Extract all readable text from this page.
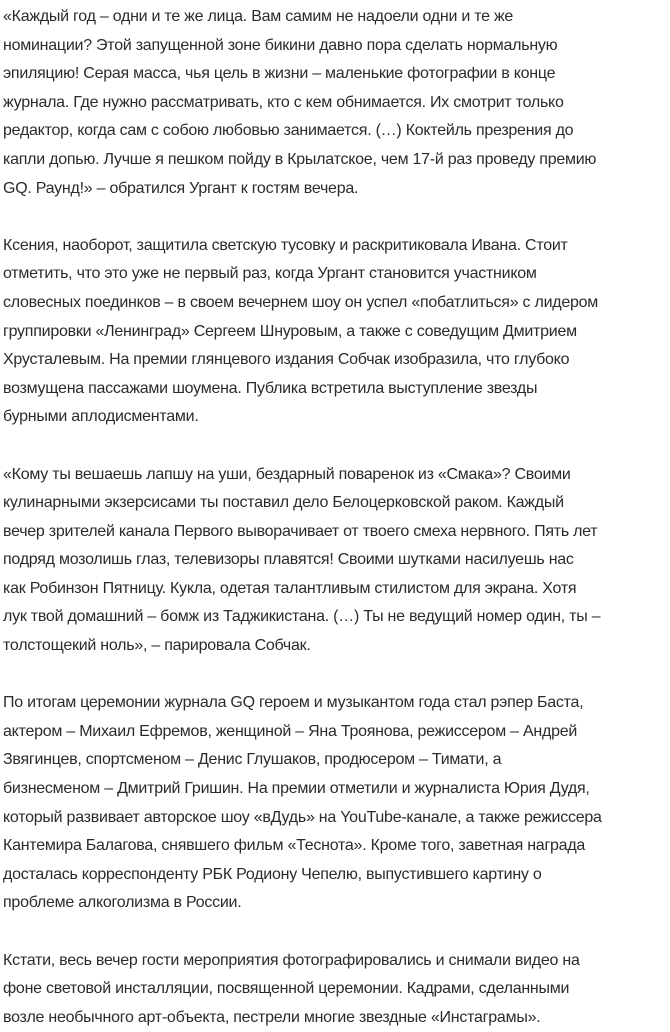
«Каждый год – одни и те же лица. Вам самим не надоели одни и те же
номинации? Этой запущенной зоне бикини давно пора сделать нормальную
эпиляцию! Серая масса, чья цель в жизни – маленькие фотографии в конце
журнала. Где нужно рассматривать, кто с кем обнимается. Их смотрит только
редактор, когда сам с собою любовью занимается. (…) Коктейль презрения до
капли допью. Лучше я пешком пойду в Крылатское, чем 17-й раз проведу премию
GQ. Раунд!» – обратился Ургант к гостям вечера.

Ксения, наоборот, защитила светскую тусовку и раскритиковала Ивана. Стоит
отметить, что это уже не первый раз, когда Ургант становится участником
словесных поединков – в своем вечернем шоу он успел «побатлиться» с лидером
группировки «Ленинград» Сергеем Шнуровым, а также с соведущим Дмитрием
Хрусталевым. На премии глянцевого издания Собчак изобразила, что глубоко
возмущена пассажами шоумена. Публика встретила выступление звезды
бурными аплодисментами.

«Кому ты вешаешь лапшу на уши, бездарный поваренок из «Смака»? Своими
кулинарными экзерсисами ты поставил дело Белоцерковской раком. Каждый
вечер зрителей канала Первого выворачивает от твоего смеха нервного. Пять лет
подряд мозолишь глаз, телевизоры плавятся! Своими шутками насилуешь нас
как Робинзон Пятницу. Кукла, одетая талантливым стилистом для экрана. Хотя
лук твой домашний – бомж из Таджикистана. (…) Ты не ведущий номер один, ты –
толстощекий ноль», – парировала Собчак.

По итогам церемонии журнала GQ героем и музыкантом года стал рэпер Баста,
актером – Михаил Ефремов, женщиной – Яна Троянова, режиссером – Андрей
Звягинцев, спортсменом – Денис Глушаков, продюсером – Тимати, а
бизнесменом – Дмитрий Гришин. На премии отметили и журналиста Юрия Дудя,
который развивает авторское шоу «вДудь» на YouTube-канале, а также режиссера
Кантемира Балагова, снявшего фильм «Теснота». Кроме того, заветная награда
досталась корреспонденту РБК Родиону Чепелю, выпустившего картину о
проблеме алкоголизма в России.

Кстати, весь вечер гости мероприятия фотографировались и снимали видео на
фоне световой инсталляции, посвященной церемонии. Кадрами, сделанными
возле необычного арт-объекта, пестрели многие звездные «Инстаграмы».
